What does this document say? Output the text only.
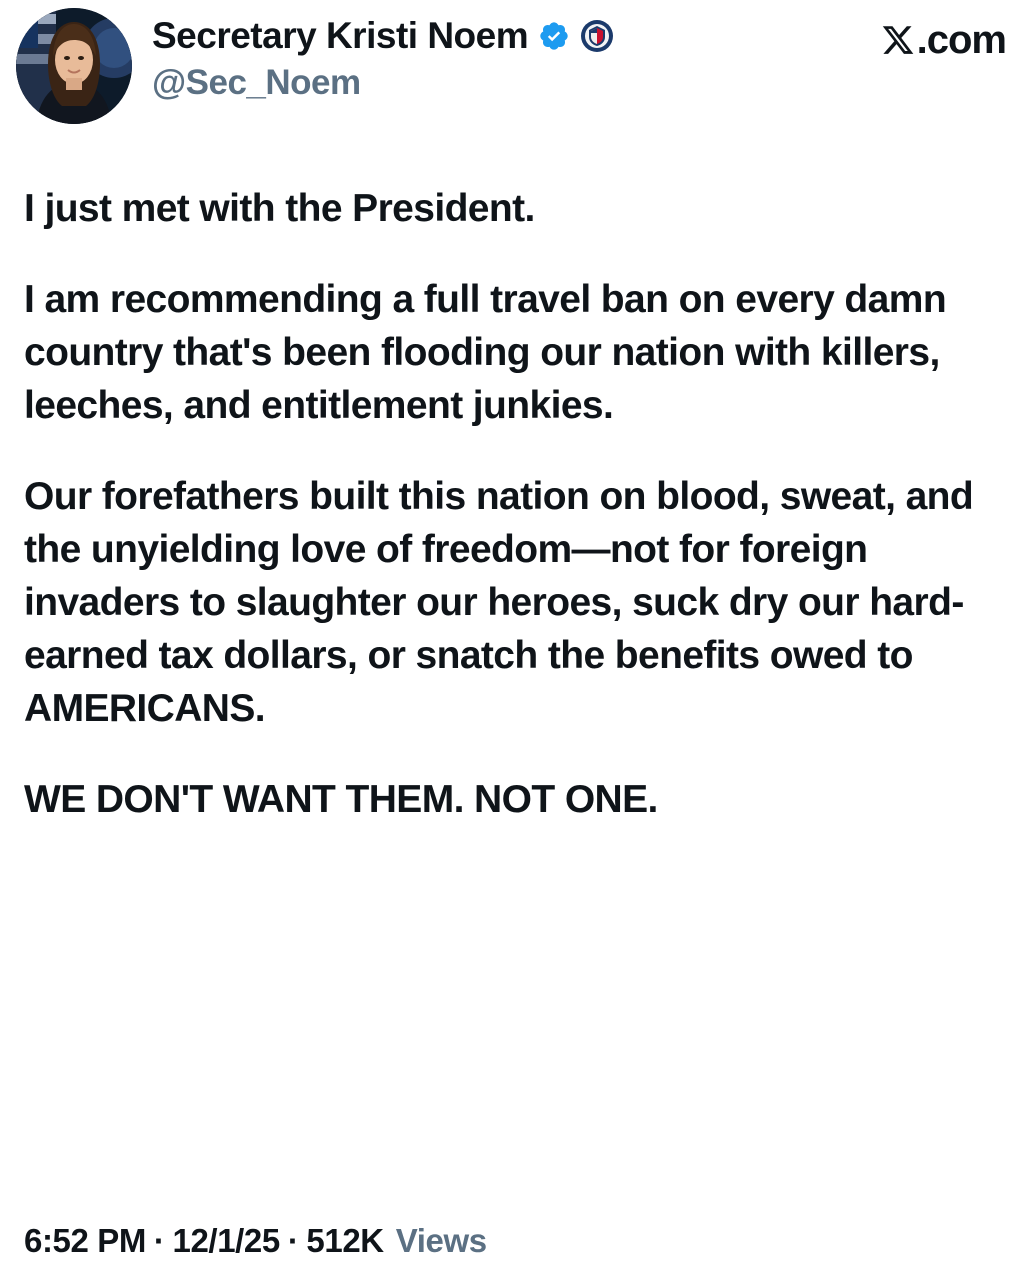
Secretary Kristi Noem
@Sec_Noem
.com

I just met with the President.

I am recommending a full travel ban on every damn country that's been flooding our nation with killers, leeches, and entitlement junkies.

Our forefathers built this nation on blood, sweat, and the unyielding love of freedom—not for foreign invaders to slaughter our heroes, suck dry our hard-earned tax dollars, or snatch the benefits owed to AMERICANS.

WE DON'T WANT THEM. NOT ONE.

6:52 PM · 12/1/25 · 512K Views
